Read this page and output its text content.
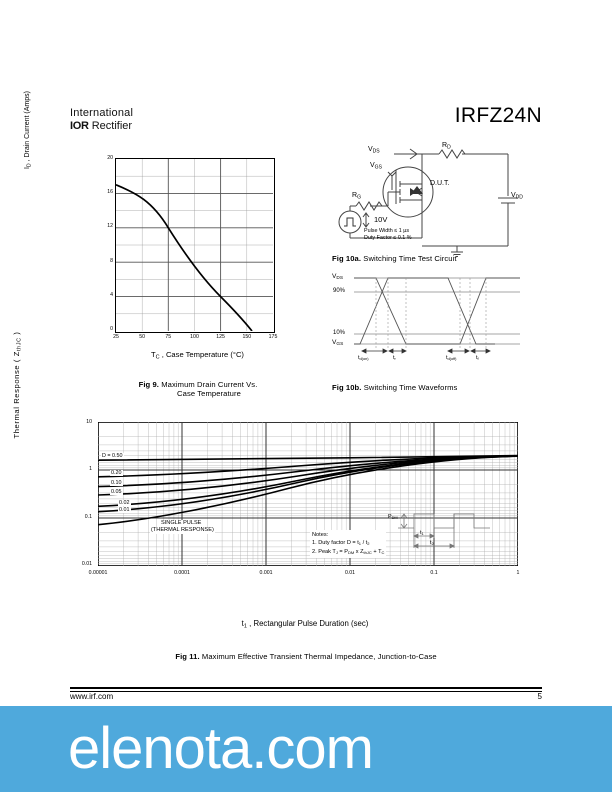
International
IOR Rectifier	IRFZ24N
$I_D$ , Drain Current (Amps)	20
16
12
8
4
0
25	50	75	100	125	150	175
$T_C$ , Case Temperature (°C)
Fig 9. Maximum Drain Current Vs.
Case Temperature
$V_{DS}$
$V_{GS}$
$R_D$
$R_G$	$V_{DD}$
D.U.T.
10V
Pulse Width ≤ 1 µs
Duty Factor ≤ 0.1 %
Fig 10a. Switching Time Test Circuit
$V_{DS}$
90%
10%
$V_{GS}$
$t_{d(on)}$	$t_r$	$t_{d(off)}$	$t_f$
Fig 10b. Switching Time Waveforms
Thermal Response ( $Z_{thJC}$ )
10
1
0.1
0.01
D = 0.50
0.20
0.10
0.05
0.02
0.01
SINGLE PULSE
(THERMAL RESPONSE)
Notes:
1. Duty factor $D = t_1 / t_2$
2. Peak $T_J = P_{DM}$ x $Z_{thJC} + T_C$
$P_{DM}$
$t_1$
$t_2$
0.00001	0.0001	0.001	0.01	0.1	1
$t_1$ , Rectangular Pulse Duration (sec)
Fig 11. Maximum Effective Transient Thermal Impedance, Junction-to-Case
www.irf.com	5
elenota.com
